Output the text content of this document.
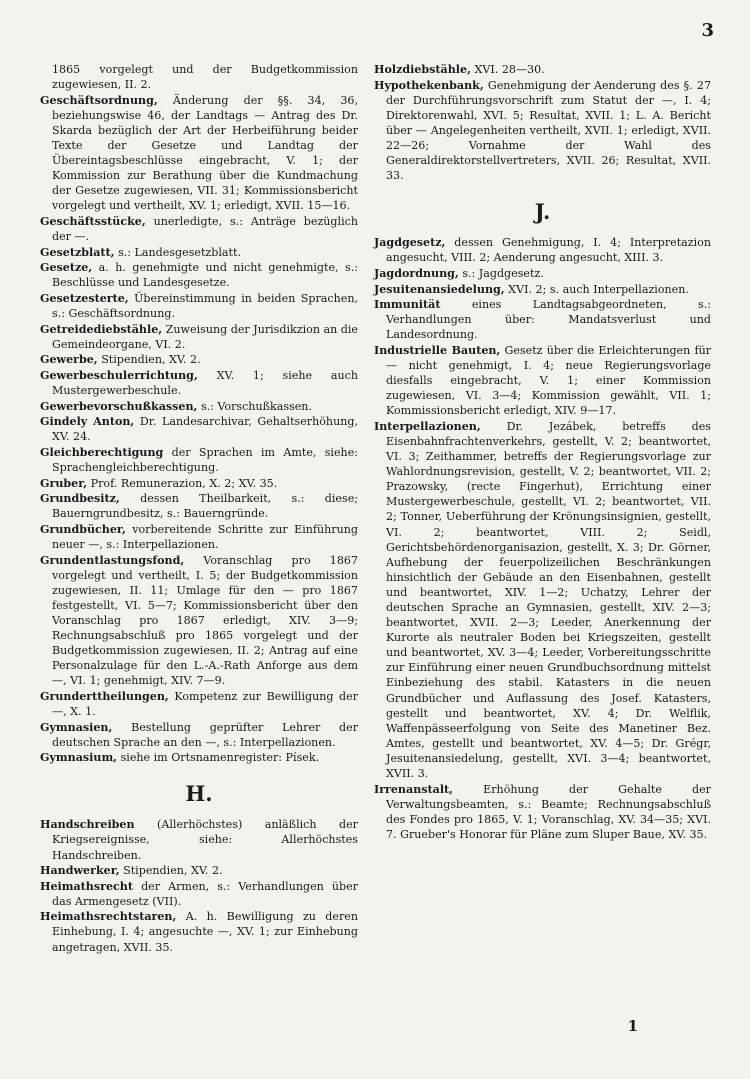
3

1865 vorgelegt und der Budgetkommission zugewiesen, II. 2.

Geschäftsordnung, Änderung der §§. 34, 36, beziehungswise 46, der Landtags — Antrag des Dr. Skarda bezüglich der Art der Herbeiführung beider Texte der Gesetze und Landtag der Übereintagsbeschlüsse eingebracht, V. 1; der Kommission zur Berathung über die Kundmachung der Gesetze zugewiesen, VII. 31; Kommissionsbericht vorgelegt und vertheilt, XV. 1; erledigt, XVII. 15—16.

Geschäftsstücke, unerledigte, s.: Anträge bezüglich der —.

Gesetzblatt, s.: Landesgesetzblatt.

Gesetze, a. h. genehmigte und nicht genehmigte, s.: Beschlüsse und Landesgesetze.

Gesetzesterte, Übereinstimmung in beiden Sprachen, s.: Geschäftsordnung.

Getreidediebstähle, Zuweisung der Jurisdikzion an die Gemeindeorgane, VI. 2.

Gewerbe, Stipendien, XV. 2.

Gewerbeschulerrichtung, XV. 1; siehe auch Mustergewerbeschule.

Gewerbevorschußkassen, s.: Vorschußkassen.

Gindely Anton, Dr. Landesarchivar, Gehaltserhöhung, XV. 24.

Gleichberechtigung der Sprachen im Amte, siehe: Sprachengleichberechtigung.

Gruber, Prof. Remunerazion, X. 2; XV. 35.

Grundbesitz, dessen Theilbarkeit, s.: diese; Bauerngrundbesitz, s.: Bauerngründe.

Grundbücher, vorbereitende Schritte zur Einführung neuer —, s.: Interpellazionen.

Grundentlastungsfond, Voranschlag pro 1867 vorgelegt und vertheilt, I. 5; der Budgetkommission zugewiesen, II. 11; Umlage für den — pro 1867 festgestellt, VI. 5—7; Kommissionsbericht über den Voranschlag pro 1867 erledigt, XIV. 3—9; Rechnungsabschluß pro 1865 vorgelegt und der Budgetkommission zugewiesen, II. 2; Antrag auf eine Personalzulage für den L.-A.-Rath Anforge aus dem —, VI. 1; genehmigt, XIV. 7—9.

Grunderttheilungen, Kompetenz zur Bewilligung der —, X. 1.

Gymnasien, Bestellung geprüfter Lehrer der deutschen Sprache an den —, s.: Interpellazionen.

Gymnasium, siehe im Ortsnamenregister: Písek.

H.

Handschreiben (Allerhöchstes) anläßlich der Kriegsereignisse, siehe: Allerhöchstes Handschreiben.

Handwerker, Stipendien, XV. 2.

Heimathsrecht der Armen, s.: Verhandlungen über das Armengesetz (VII).

Heimathsrechtstaren, A. h. Bewilligung zu deren Einhebung, I. 4; angesuchte —, XV. 1; zur Einhebung angetragen, XVII. 35.

Holzdiebstähle, XVI. 28—30.

Hypothekenbank, Genehmigung der Aenderung des §. 27 der Durchführungsvorschrift zum Statut der —, I. 4; Direktorenwahl, XVI. 5; Resultat, XVII. 1; L. A. Bericht über — Angelegenheiten vertheilt, XVII. 1; erledigt, XVII. 22—26; Vornahme der Wahl des Generaldirektorstellvertreters, XVII. 26; Resultat, XVII. 33.

J.

Jagdgesetz, dessen Genehmigung, I. 4; Interpretazion angesucht, VIII. 2; Aenderung angesucht, XIII. 3.

Jagdordnung, s.: Jagdgesetz.

Jesuitenansiedelung, XVI. 2; s. auch Interpellazionen.

Immunität	eines Landtagsabgeordneten, s.: Verhandlungen über: Mandatsverlust und Landesordnung.

Industrielle Bauten, Gesetz über die Erleichterungen für — nicht genehmigt, I. 4; neue Regierungsvorlage diesfalls eingebracht, V. 1; einer Kommission zugewiesen, VI. 3—4; Kommission gewählt, VII. 1; Kommissionsbericht erledigt, XIV. 9—17.

Interpellazionen, Dr. Jezábek, betreffs des Eisenbahnfrachtenverkehrs, gestellt, V. 2; beantwortet, VI. 3; Zeithammer, betreffs der Regierungsvorlage zur Wahlordnungsrevision, gestellt, V. 2; beantwortet, VII. 2; Prazowsky, (recte Fingerhut), Errichtung einer Mustergewerbeschule, gestellt, VI. 2; beantwortet, VII. 2; Tonner, Ueberführung der Krönungsinsignien, gestellt, VI. 2; beantwortet, VIII. 2; Seidl, Gerichtsbehördenorganisazion, gestellt, X. 3; Dr. Görner, Aufhebung der feuerpolizeilichen Beschränkungen hinsichtlich der Gebäude an den Eisenbahnen, gestellt und beantwortet, XIV. 1—2; Uchatzy, Lehrer der deutschen Sprache an Gymnasien, gestellt, XIV. 2—3; beantwortet, XVII. 2—3; Leeder, Anerkennung der Kurorte als neutraler Boden bei Kriegszeiten, gestellt und beantwortet, XV. 3—4; Leeder, Vorbereitungsschritte zur Einführung einer neuen Grundbuchsordnung mittelst Einbeziehung des stabil. Katasters in die neuen Grundbücher und Auflassung des Josef. Katasters, gestellt und beantwortet, XV. 4; Dr. Welflik, Waffenpässeerfolgung von Seite des Manetiner Bez. Amtes, gestellt und beantwortet, XV. 4—5; Dr. Grégr, Jesuitenansiedelung, gestellt, XVI. 3—4; beantwortet, XVII. 3.

Irrenanstalt,	Erhöhung der Gehalte der Verwaltungsbeamten, s.: Beamte; Rechnungsabschluß des Fondes pro 1865, V. 1; Voranschlag, XV. 34—35; XVI. 7. Grueber's Honorar für Pläne zum Sluper Baue, XV. 35.

1
